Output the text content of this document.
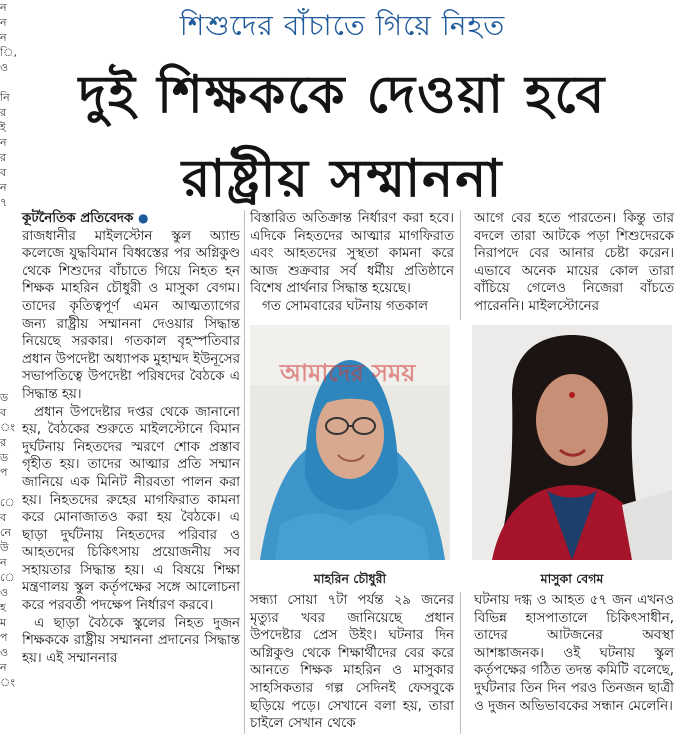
ন
ন
ন
ি,
ও

নি
র
ই
ন
র
ব
ন
৭

ড
ব
ং
র
ড
প

ে
ব
নে
উ
ন
ে
ও
হ
ম
প
ও
ন
ং
শিশুদের বাঁচাতে গিয়ে নিহত
দুই শিক্ষককে দেওয়া হবে
রাষ্ট্রীয় সম্মাননা

কূটনৈতিক প্রতিবেদক ●

রাজধানীর মাইলস্টোন স্কুল অ্যান্ড কলেজে যুদ্ধবিমান বিধ্বস্তের পর অগ্নিকুণ্ড থেকে শিশুদের বাঁচাতে গিয়ে নিহত হন শিক্ষক মাহরিন চৌধুরী ও মাসুকা বেগম। তাদের কৃতিত্বপূর্ণ এমন আত্মত্যাগের জন্য রাষ্ট্রীয় সম্মাননা দেওয়ার সিদ্ধান্ত নিয়েছে সরকার। গতকাল বৃহস্পতিবার প্রধান উপদেষ্টা অধ্যাপক মুহাম্মদ ইউনূসের সভাপতিত্বে উপদেষ্টা পরিষদের বৈঠকে এ সিদ্ধান্ত হয়।

প্রধান উপদেষ্টার দপ্তর থেকে জানানো হয়, বৈঠকের শুরুতে মাইলস্টোনে বিমান দুর্ঘটনায় নিহতদের স্মরণে শোক প্রস্তাব গৃহীত হয়। তাদের আত্মার প্রতি সম্মান জানিয়ে এক মিনিট নীরবতা পালন করা হয়। নিহতদের রুহের মাগফিরাত কামনা করে মোনাজাতও করা হয় বৈঠকে। এ ছাড়া দুর্ঘটনায় নিহতদের পরিবার ও আহতদের চিকিৎসায় প্রয়োজনীয় সব সহায়তার সিদ্ধান্ত হয়। এ বিষয়ে শিক্ষা মন্ত্রণালয় স্কুল কর্তৃপক্ষের সঙ্গে আলোচনা করে পরবর্তী পদক্ষেপ নির্ধারণ করবে।

এ ছাড়া বৈঠকে স্কুলের নিহত দুজন শিক্ষককে রাষ্ট্রীয় সম্মাননা প্রদানের সিদ্ধান্ত হয়। এই সম্মাননার

বিস্তারিত অতিক্রান্ত নির্ধারণ করা হবে। এদিকে নিহতদের আত্মার মাগফিরাত এবং আহতদের সুস্থতা কামনা করে আজ শুক্রবার সর্ব ধর্মীয় প্রতিষ্ঠানে বিশেষ প্রার্থনার সিদ্ধান্ত হয়েছে।

গত সোমবারের ঘটনায় গতকাল

আগে বের হতে পারতেন। কিন্তু তার বদলে তারা আটকে পড়া শিশুদেরকে নিরাপদে বের আনার চেষ্টা করেন। এভাবে অনেক মায়ের কোল তারা বাঁচিয়ে গেলেও নিজেরা বাঁচতে পারেননি। মাইলস্টোনের

আমাদের সময়
মাহরিন চৌধুরী	মাসুকা বেগম

সন্ধ্যা সোয়া ৭টা পর্যন্ত ২৯ জনের মৃত্যুর খবর জানিয়েছে প্রধান উপদেষ্টার প্রেস উইং। ঘটনার দিন অগ্নিকুণ্ড থেকে শিক্ষার্থীদের বের করে আনতে শিক্ষক মাহরিন ও মাসুকার সাহসিকতার গল্প সেদিনই ফেসবুকে ছড়িয়ে পড়ে। সেখানে বলা হয়, তারা চাইলে সেখান থেকে

ঘটনায় দগ্ধ ও আহত ৫৭ জন এখনও বিভিন্ন হাসপাতালে চিকিৎসাধীন, তাদের আটজনের অবস্থা আশঙ্কাজনক। ওই ঘটনায় স্কুল কর্তৃপক্ষের গঠিত তদন্ত কমিটি বলেছে, দুর্ঘটনার তিন দিন পরও তিনজন ছাত্রী ও দুজন অভিভাবকের সন্ধান মেলেনি।
